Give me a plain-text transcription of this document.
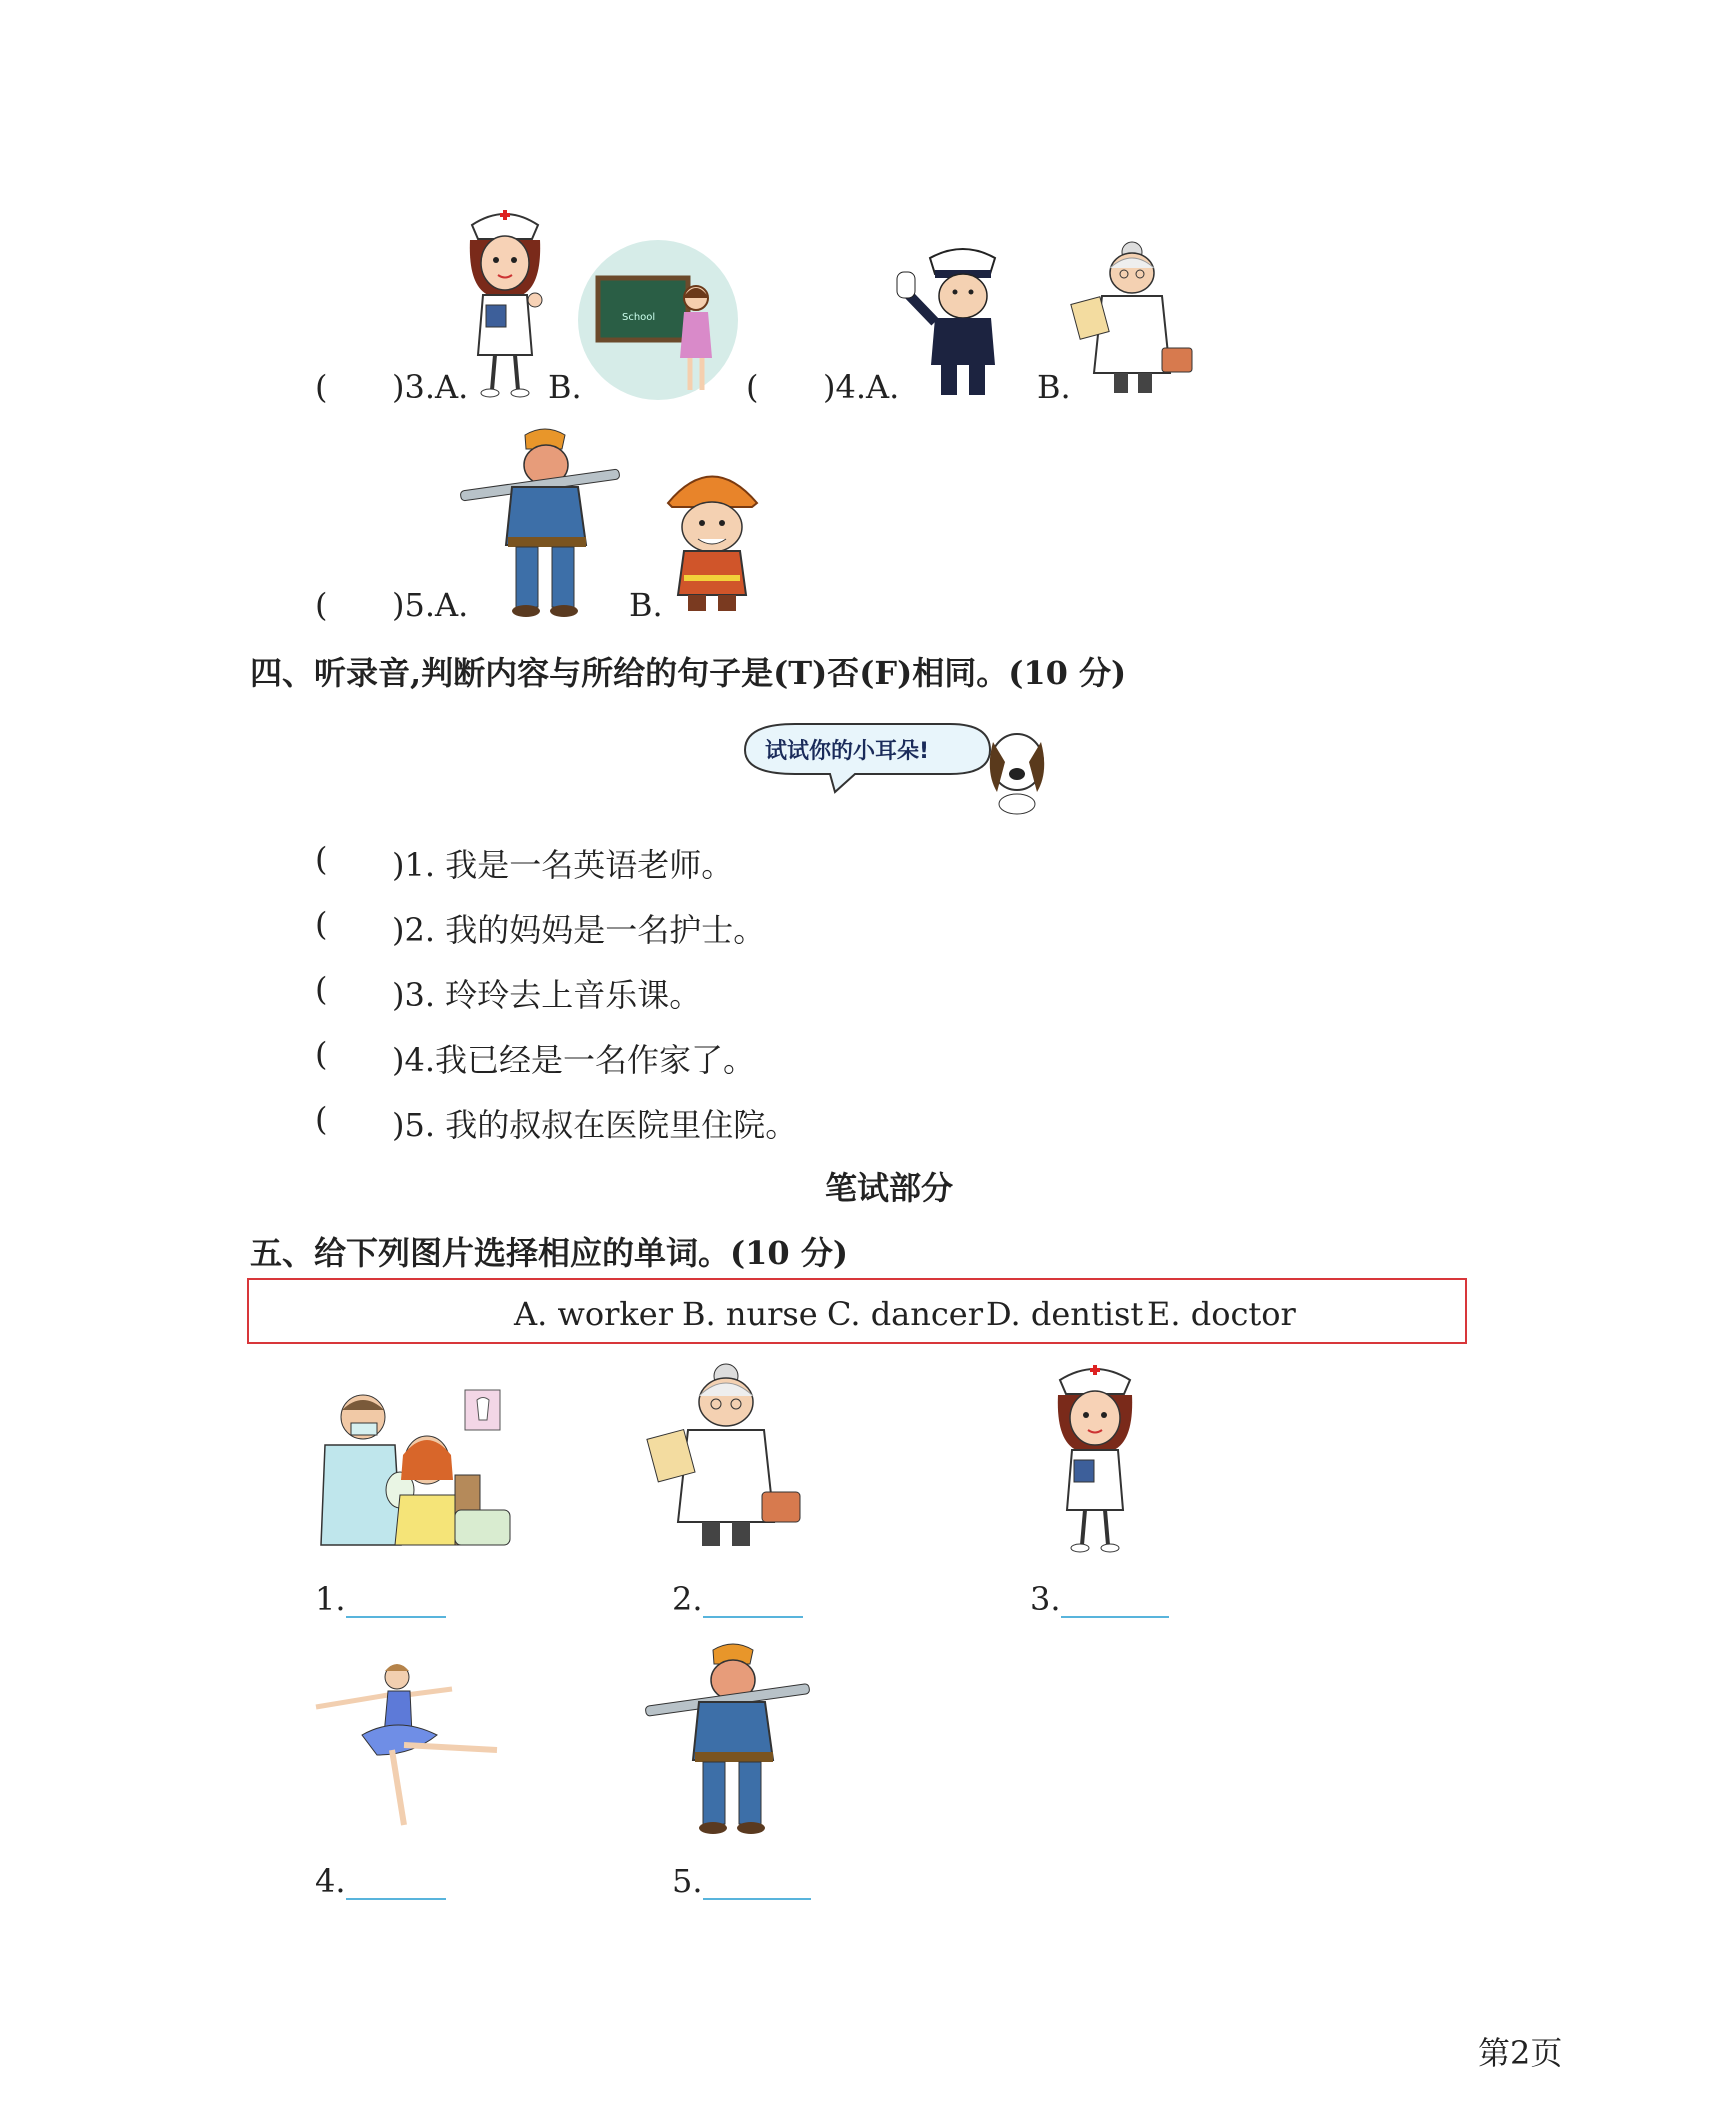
( )3.A. B.
School
( )4.A.	B.
( )5.A.	B.
四、听录音,判断内容与所给的句子是(T)否(F)相同。(10 分)
试试你的小耳朵!
( )1. 我是一名英语老师。
( )2. 我的妈妈是一名护士。
( )3. 玲玲去上音乐课。
( )4.我已经是一名作家了。
( )5. 我的叔叔在医院里住院。
笔试部分
五、给下列图片选择相应的单词。(10 分)
A. worker B. nurse C. dancer D. dentist E. doctor
1.	2.	3.
4.	5.
第2页
